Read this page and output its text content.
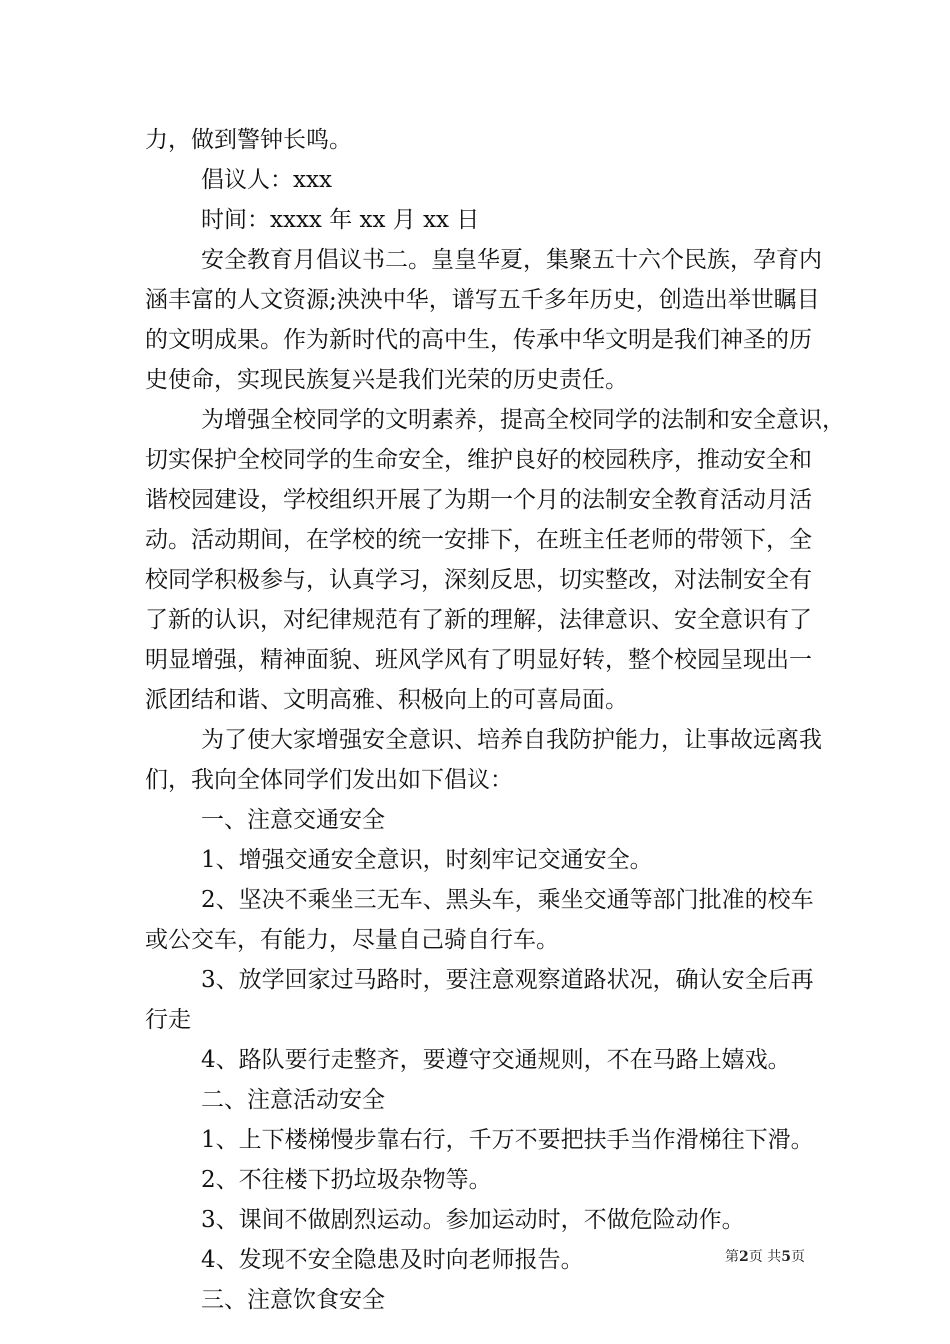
力，做到警钟长鸣。
倡议人：xxx
时间：xxxx 年 xx 月 xx 日
安全教育月倡议书二。皇皇华夏，集聚五十六个民族，孕育内
涵丰富的人文资源;泱泱中华，谱写五千多年历史，创造出举世瞩目
的文明成果。作为新时代的高中生，传承中华文明是我们神圣的历
史使命，实现民族复兴是我们光荣的历史责任。
为增强全校同学的文明素养，提高全校同学的法制和安全意识，
切实保护全校同学的生命安全，维护良好的校园秩序，推动安全和
谐校园建设，学校组织开展了为期一个月的法制安全教育活动月活
动。活动期间，在学校的统一安排下，在班主任老师的带领下，全
校同学积极参与，认真学习，深刻反思，切实整改，对法制安全有
了新的认识，对纪律规范有了新的理解，法律意识、安全意识有了
明显增强，精神面貌、班风学风有了明显好转，整个校园呈现出一
派团结和谐、文明高雅、积极向上的可喜局面。
为了使大家增强安全意识、培养自我防护能力，让事故远离我
们，我向全体同学们发出如下倡议：
一、注意交通安全
1、增强交通安全意识，时刻牢记交通安全。
2、坚决不乘坐三无车、黑头车，乘坐交通等部门批准的校车
或公交车，有能力，尽量自己骑自行车。
3、放学回家过马路时，要注意观察道路状况，确认安全后再
行走
4、路队要行走整齐，要遵守交通规则，不在马路上嬉戏。
二、注意活动安全
1、上下楼梯慢步靠右行，千万不要把扶手当作滑梯往下滑。
2、不往楼下扔垃圾杂物等。
3、课间不做剧烈运动。参加运动时，不做危险动作。
4、发现不安全隐患及时向老师报告。
三、注意饮食安全
第2页 共5页
